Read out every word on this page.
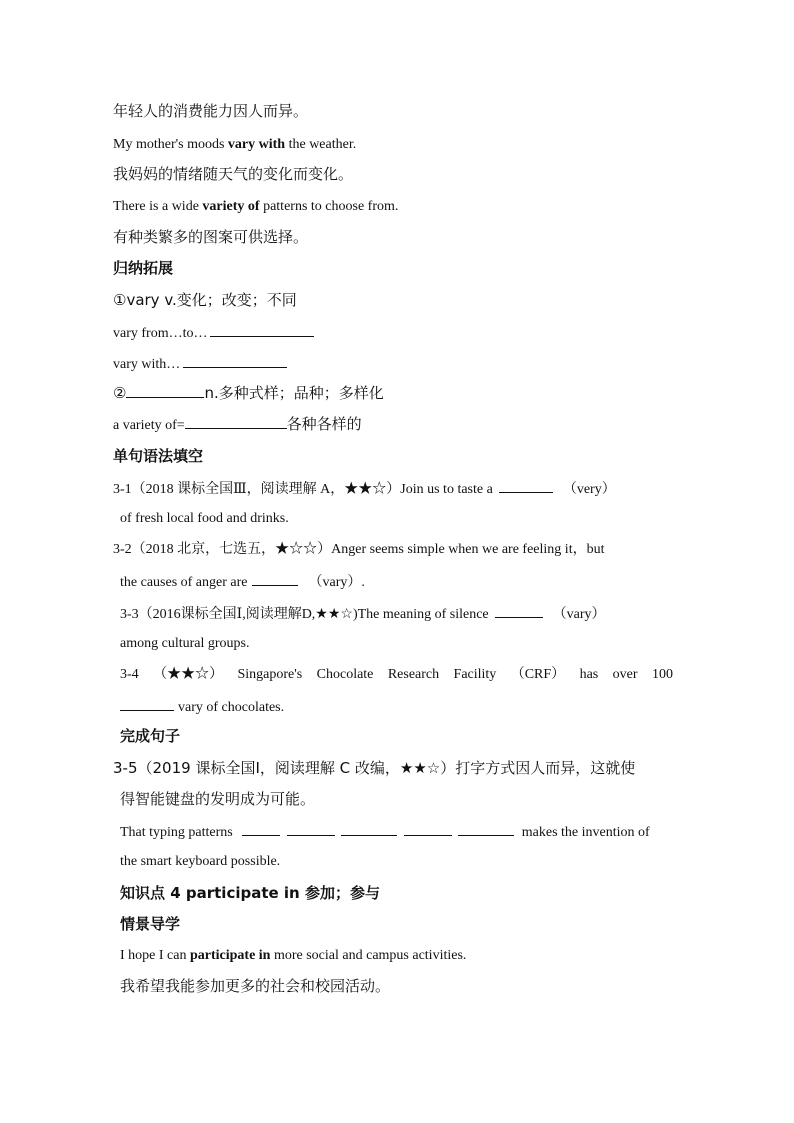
年轻人的消费能力因人而异。
My mother's moods vary with the weather.
我妈妈的情绪随天气的变化而变化。
There is a wide variety of patterns to choose from.
有种类繁多的图案可供选择。
归纳拓展
①vary v.变化；改变；不同
vary from…to…
vary with…
②	n.多种式样；品种；多样化
a variety of=	各种各样的
单句语法填空
3-1（2018 课标全国Ⅲ，阅读理解 A，★★☆）Join us to taste a	（very）
of fresh local food and drinks.
3-2（2018 北京，七选五，★☆☆）Anger seems simple when we are feeling it，but
the causes of anger are	（vary）.
3-3（2016课标全国Ⅰ,阅读理解D,★★☆)The meaning of silence	（vary）
among cultural groups.
3-4 （★★☆） Singapore's Chocolate Research Facility （CRF） has over 100
vary of chocolates.
完成句子
3-5（2019 课标全国Ⅰ，阅读理解 C 改编，★★☆）打字方式因人而异，这就使
得智能键盘的发明成为可能。
That typing patterns	makes the invention of
the smart keyboard possible.
知识点 4 participate in 参加；参与
情景导学
I hope I can participate in more social and campus activities.
我希望我能参加更多的社会和校园活动。
